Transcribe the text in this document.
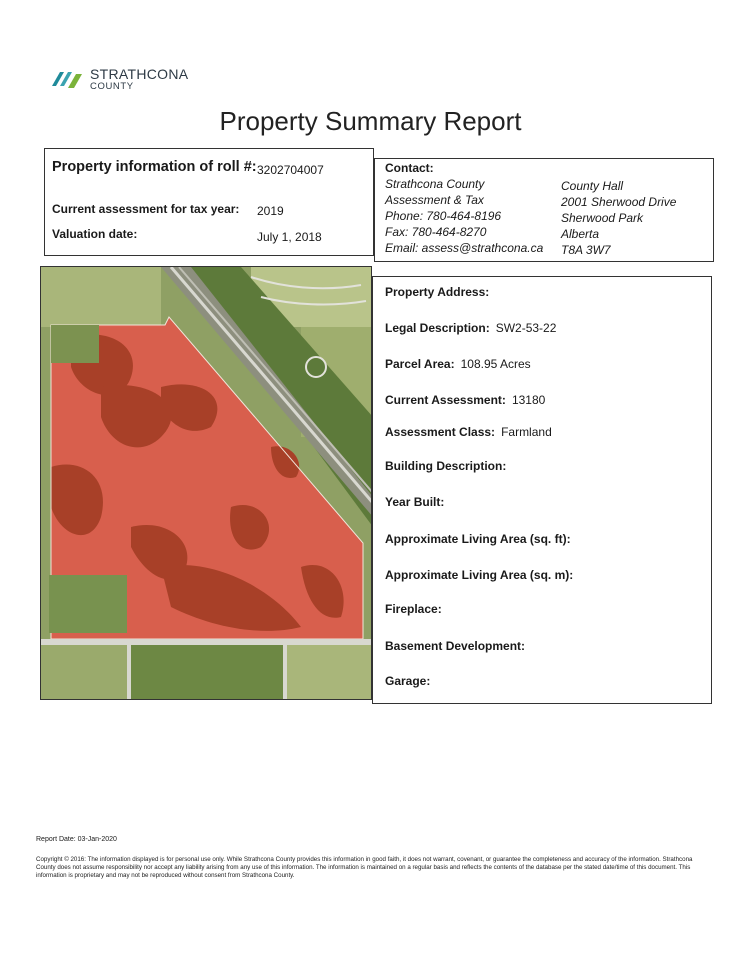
STRATHCONA
COUNTY
Property Summary Report
Property information of roll #: 3202704007
Current assessment for tax year: 2019
Valuation date:	July 1, 2018
Contact:
Strathcona County
Assessment & Tax
Phone: 780-464-8196
Fax: 780-464-8270
Email: assess@strathcona.ca
County Hall
2001 Sherwood Drive
Sherwood Park
Alberta
T8A 3W7
Property Address:
Legal Description: SW2-53-22
Parcel Area: 108.95 Acres
Current Assessment: 13180
Assessment Class: Farmland
Building Description:
Year Built:
Approximate Living Area (sq. ft):
Approximate Living Area (sq. m):
Fireplace:
Basement Development:
Garage:
Report Date: 03-Jan-2020
Copyright © 2016: The information displayed is for personal use only. While Strathcona County provides this information in good faith, it does not warrant, covenant, or guarantee the completeness and accuracy of the information. Strathcona County does not assume responsibility nor accept any liability arising from any use of this information. The information is maintained on a regular basis and reflects the contents of the database per the stated date/time of this document. This information is proprietary and may not be reproduced without consent from Strathcona County.
